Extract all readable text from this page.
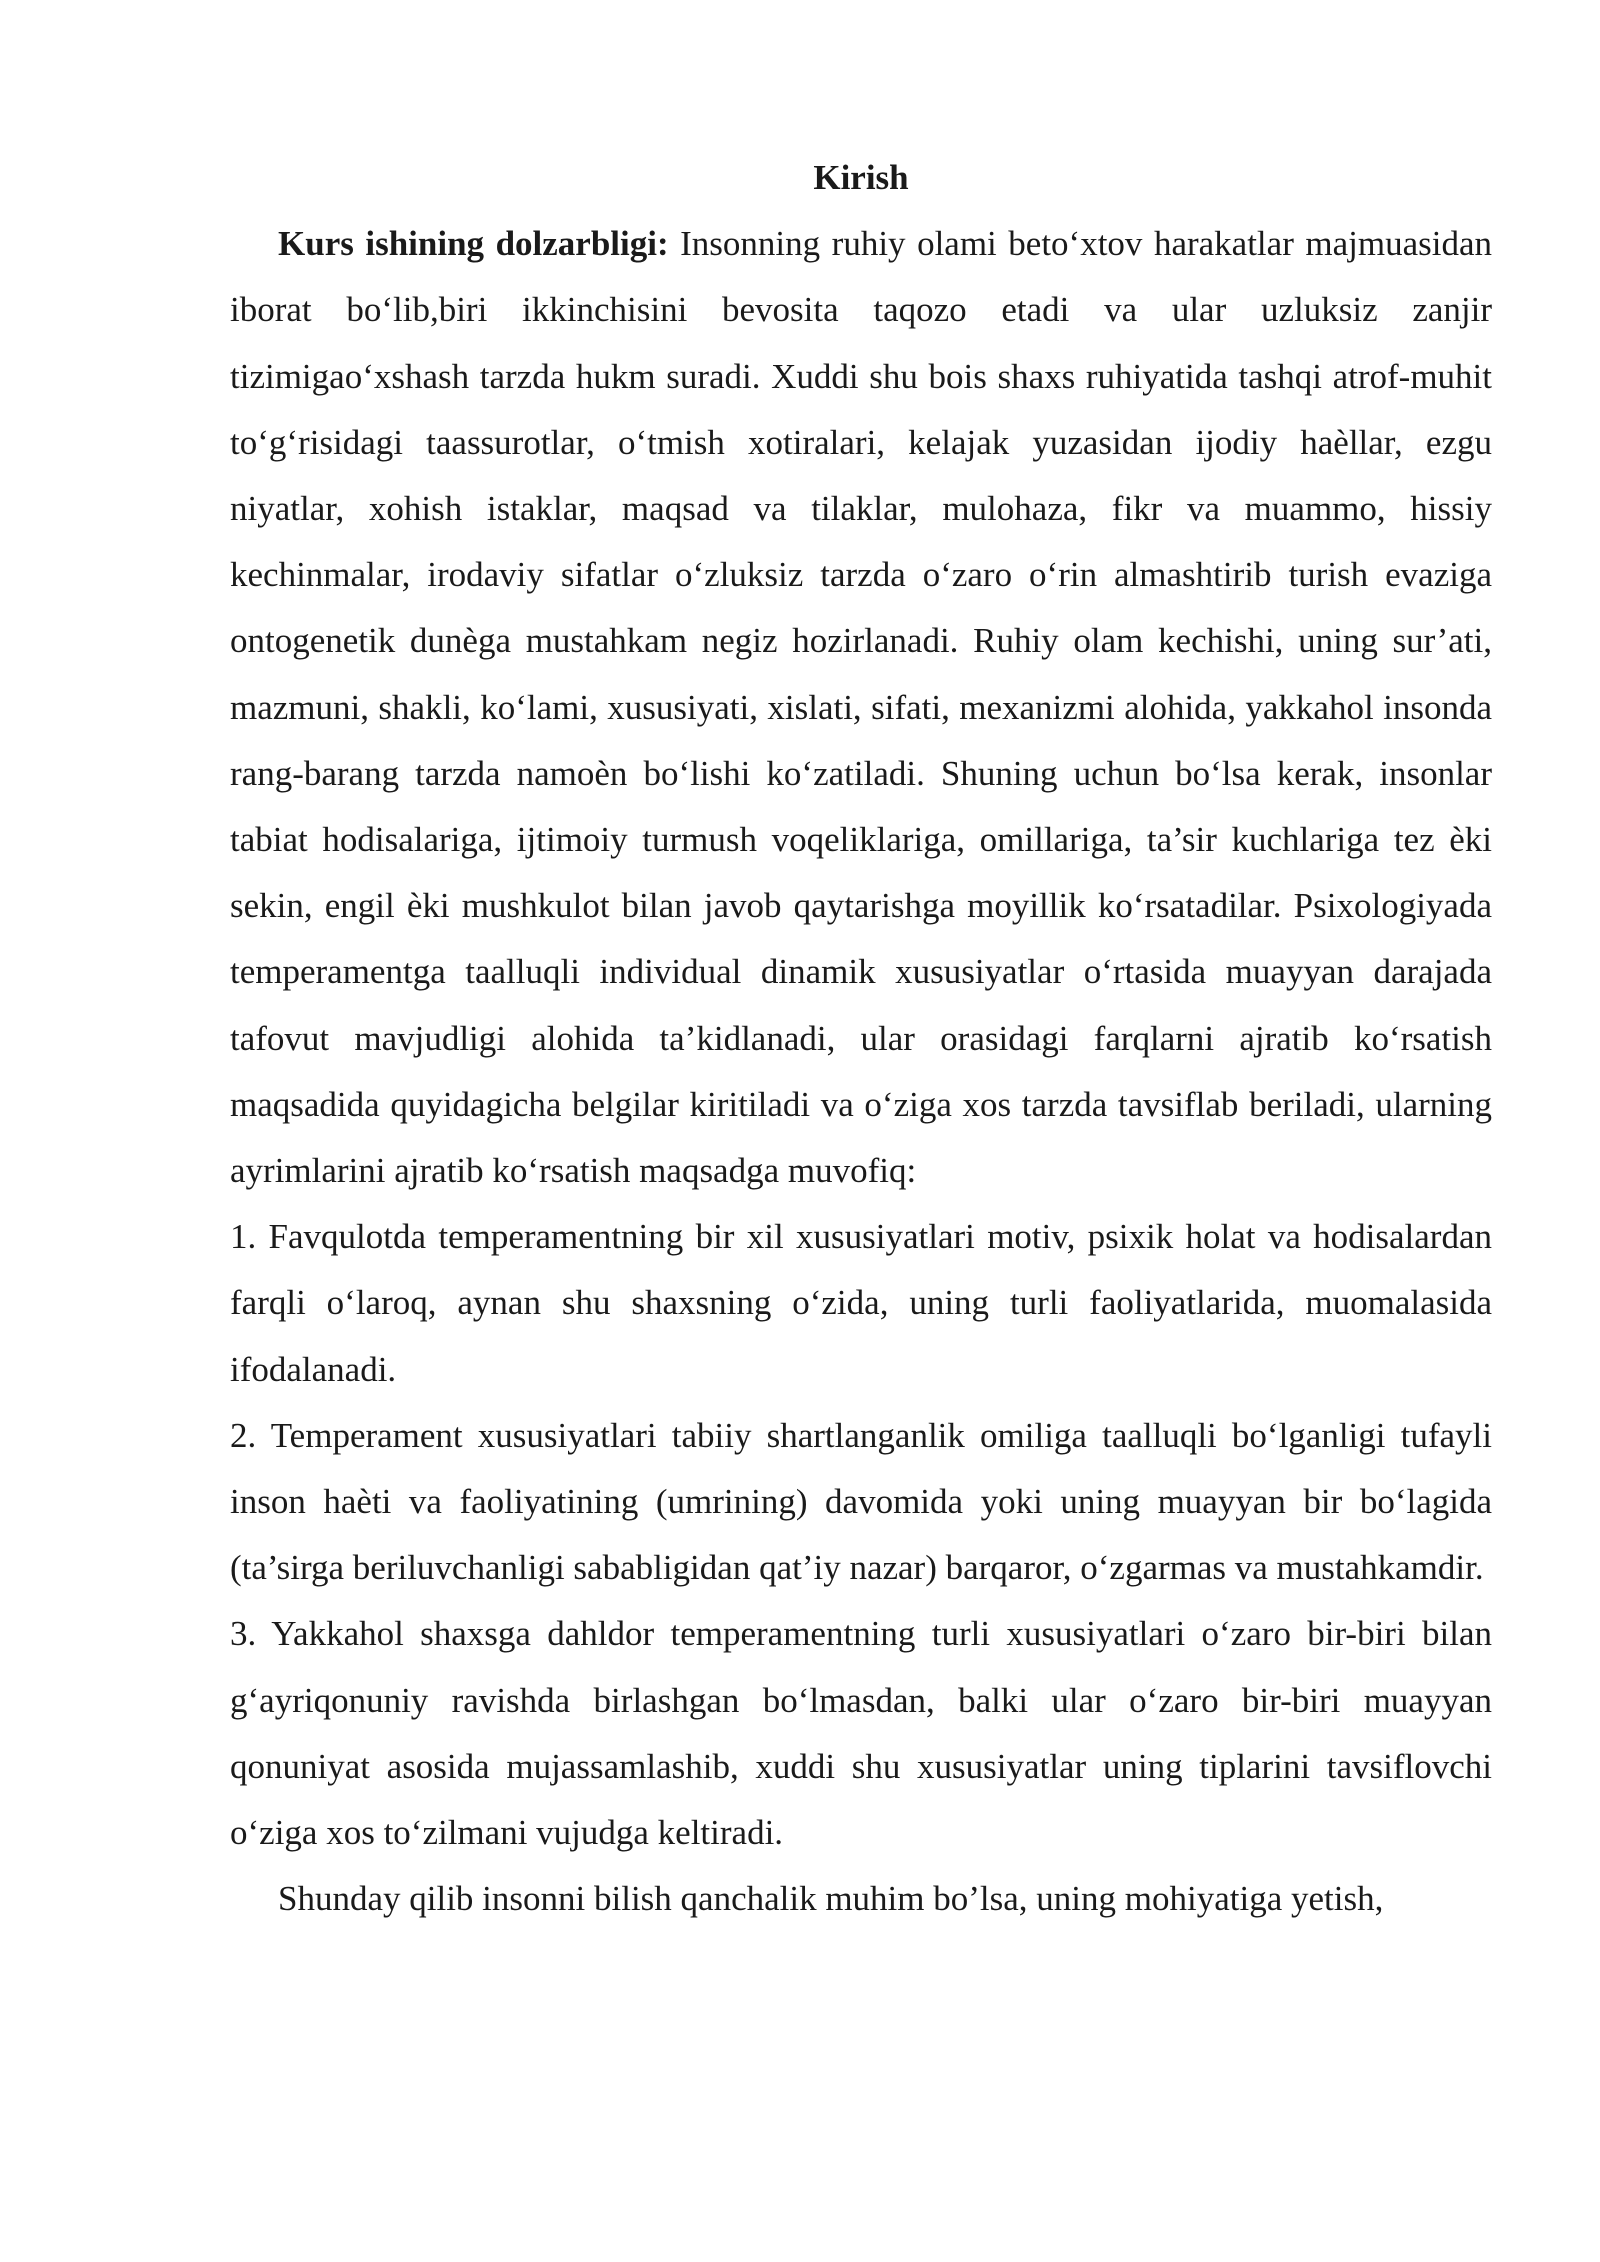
Kirish

Kurs ishining dolzarbligi: Insonning ruhiy olami beto‘xtov harakatlar majmuasidan iborat bo‘lib,biri ikkinchisini bevosita taqozo etadi va ular uzluksiz zanjir tizimigao‘xshash tarzda hukm suradi. Xuddi shu bois shaxs ruhiyatida tashqi atrof-muhit to‘g‘risidagi taassurotlar, o‘tmish xotiralari, kelajak yuzasidan ijodiy haèllar, ezgu niyatlar, xohish istaklar, maqsad va tilaklar, mulohaza, fikr va muammo, hissiy kechinmalar, irodaviy sifatlar o‘zluksiz tarzda o‘zaro o‘rin almashtirib turish evaziga ontogenetik dunèga mustahkam negiz hozirlanadi. Ruhiy olam kechishi, uning sur’ati, mazmuni, shakli, ko‘lami, xususiyati, xislati, sifati, mexanizmi alohida, yakkahol insonda rang-barang tarzda namoèn bo‘lishi ko‘zatiladi. Shuning uchun bo‘lsa kerak, insonlar tabiat hodisalariga, ijtimoiy turmush voqeliklariga, omillariga, ta’sir kuchlariga tez èki sekin, engil èki mushkulot bilan javob qaytarishga moyillik ko‘rsatadilar. Psixologiyada temperamentga taalluqli individual dinamik xususiyatlar o‘rtasida muayyan darajada tafovut mavjudligi alohida ta’kidlanadi, ular orasidagi farqlarni ajratib ko‘rsatish maqsadida quyidagicha belgilar kiritiladi va o‘ziga xos tarzda tavsiflab beriladi, ularning ayrimlarini ajratib ko‘rsatish maqsadga muvofiq:

1. Favqulotda temperamentning bir xil xususiyatlari motiv, psixik holat va hodisalardan farqli o‘laroq, aynan shu shaxsning o‘zida, uning turli faoliyatlarida, muomalasida ifodalanadi.

2. Temperament xususiyatlari tabiiy shartlanganlik omiliga taalluqli bo‘lganligi tufayli inson haèti va faoliyatining (umrining) davomida yoki uning muayyan bir bo‘lagida (ta’sirga beriluvchanligi sababligidan qat’iy nazar) barqaror, o‘zgarmas va mustahkamdir.

3. Yakkahol shaxsga dahldor temperamentning turli xususiyatlari o‘zaro bir-biri bilan g‘ayriqonuniy ravishda birlashgan bo‘lmasdan, balki ular o‘zaro bir-biri muayyan qonuniyat asosida mujassamlashib, xuddi shu xususiyatlar uning tiplarini tavsiflovchi o‘ziga xos to‘zilmani vujudga keltiradi.

Shunday qilib insonni bilish qanchalik muhim bo’lsa, uning mohiyatiga yetish,
